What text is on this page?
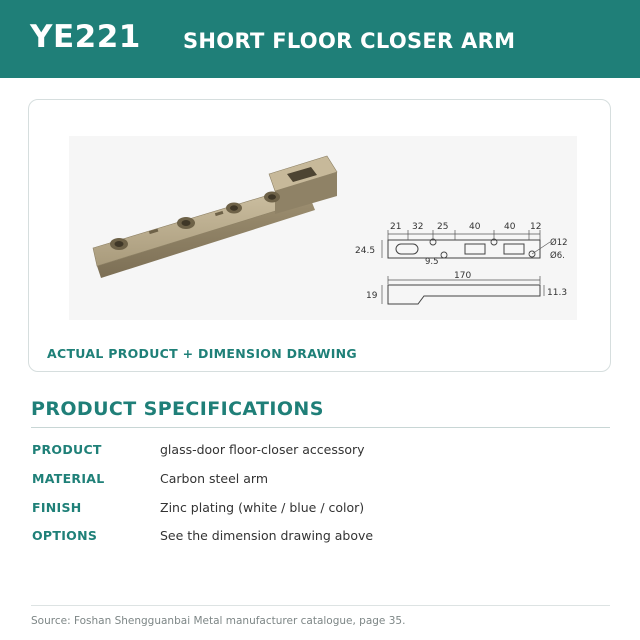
YE221 SHORT FLOOR CLOSER ARM
21 32 25 40	40 12
24.5
9.5
Ø12
Ø6.
170
19	11.3
ACTUAL PRODUCT + DIMENSION DRAWING
PRODUCT SPECIFICATIONS
PRODUCT	glass-door floor-closer accessory
MATERIAL	Carbon steel arm
FINISH	Zinc plating (white / blue / color)
OPTIONS	See the dimension drawing above
Source: Foshan Shengguanbai Metal manufacturer catalogue, page 35.
